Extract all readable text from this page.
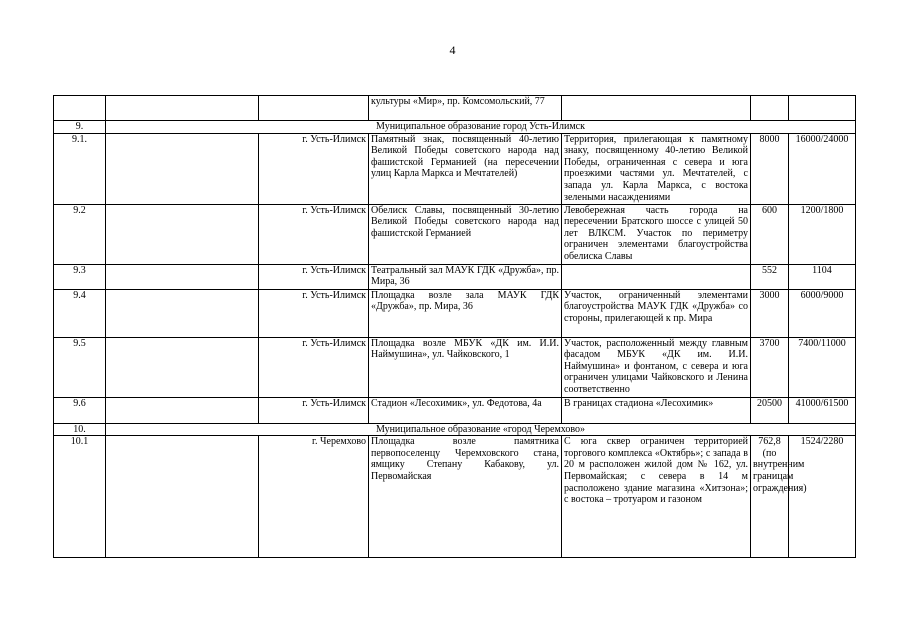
4
			культуры «Мир», пр. Комсомольский, 77			
9.	Муниципальное образование город Усть-Илимск					
9.1.		г. Усть-Илимск	Памятный знак, посвященный 40-летию Великой Победы советского народа над фашистской Германией (на пересечении улиц Карла Маркса и Мечтателей)	Территория, прилегающая к памятному знаку, посвященному 40-летию Великой Победы, ограниченная с севера и юга проезжими частями ул. Мечтателей, с запада ул. Карла Маркса, с востока зелеными насаждениями	8000	16000/24000
9.2		г. Усть-Илимск	Обелиск Славы, посвященный 30-летию Великой Победы советского народа над фашистской Германией	Левобережная часть города на пересечении Братского шоссе с улицей 50 лет ВЛКСМ. Участок по периметру ограничен элементами благоустройства обелиска Славы	600	1200/1800
9.3		г. Усть-Илимск	Театральный зал МАУК ГДК «Дружба», пр. Мира, 36		552	1104
9.4		г. Усть-Илимск	Площадка возле зала МАУК ГДК «Дружба», пр. Мира, 36	Участок, ограниченный элементами благоустройства МАУК ГДК «Дружба» со стороны, прилегающей к пр. Мира	3000	6000/9000
9.5		г. Усть-Илимск	Площадка возле МБУК «ДК им. И.И. Наймушина», ул. Чайковского, 1	Участок, расположенный между главным фасадом МБУК «ДК им. И.И. Наймушина» и фонтаном, с севера и юга ограничен улицами Чайковского и Ленина соответственно	3700	7400/11000
9.6		г. Усть-Илимск	Стадион «Лесохимик», ул. Федотова, 4а	В границах стадиона «Лесохимик»	20500	41000/61500
10.	Муниципальное образование «город Черемхово»					
10.1		г. Черемхово	Площадка возле памятника первопоселенцу Черемховского стана, ямщику Степану Кабакову, ул. Первомайская	С юга сквер ограничен территорией торгового комплекса «Октябрь»; с запада в 20 м расположен жилой дом № 162, ул. Первомайская; с севера в 14 м расположено здание магазина «Хитзона»; с востока – тротуаром и газоном	762,8 (по внутренним границам ограждения)	1524/2280
